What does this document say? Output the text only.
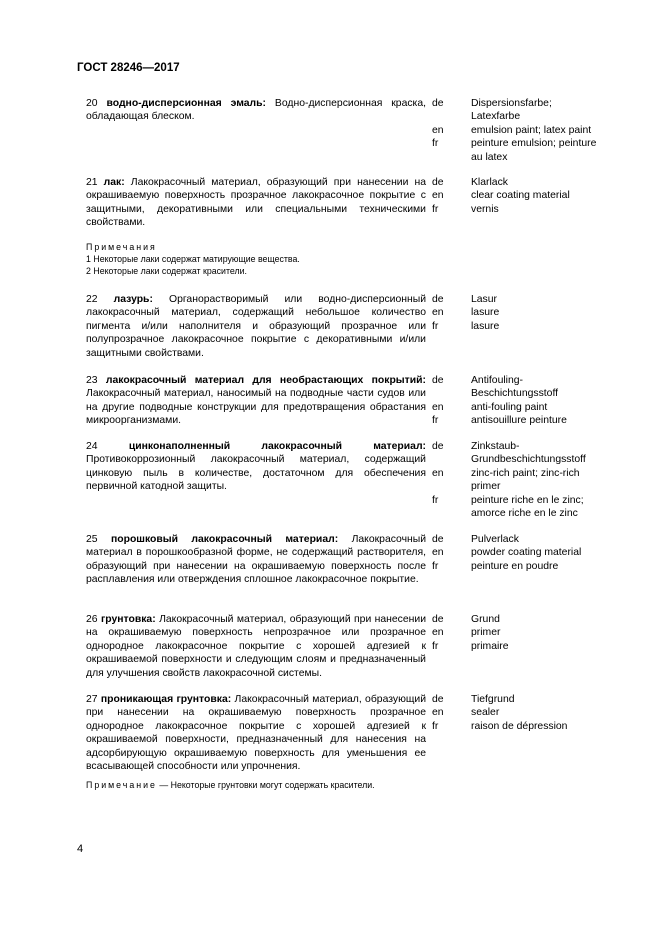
ГОСТ 28246—2017
20 водно-дисперсионная эмаль: Водно-дисперсионная краска, обладающая блеском.
de
en
fr
Dispersionsfarbe;
Latexfarbe
emulsion paint; latex paint
peinture emulsion; peinture
au latex
21 лак: Лакокрасочный материал, образующий при нанесении на окрашиваемую поверхность прозрачное лакокрасочное покрытие с защитными, декоративными или специальными техническими свойствами.
de
en
fr
Klarlack
clear coating material
vernis
Примечания
1 Некоторые лаки содержат матирующие вещества.
2 Некоторые лаки содержат красители.
22 лазурь: Органорастворимый или водно-дисперсионный лакокрасочный материал, содержащий небольшое количество пигмента и/или наполнителя и образующий прозрачное или полупрозрачное лакокрасочное покрытие с декоративными и/или защитными свойствами.
de
en
fr
Lasur
lasure
lasure
23 лакокрасочный материал для необрастающих покрытий: Лакокрасочный материал, наносимый на подводные части судов или на другие подводные конструкции для предотвращения обрастания микроорганизмами.
de
en
fr
Antifouling-
Beschichtungsstoff
anti-fouling paint
antisouillure peinture
24	цинконаполненный лакокрасочный материал: Противокоррозионный лакокрасочный материал, содержащий цинковую пыль в количестве, достаточном для обеспечения первичной катодной защиты.
de
en
fr
Zinkstaub-
Grundbeschichtungsstoff
zinc-rich paint; zinc-rich
primer
peinture riche en le zinc;
amorce riche en le zinc
25 порошковый лакокрасочный материал: Лакокрасочный материал в порошкообразной форме, не содержащий растворителя, образующий при нанесении на окрашиваемую поверхность после расплавления или отверждения сплошное лакокрасочное покрытие.
de
en
fr
Pulverlack
powder coating material
peinture en poudre
26 грунтовка: Лакокрасочный материал, образующий при нанесении на окрашиваемую поверхность непрозрачное или прозрачное однородное лакокрасочное покрытие с хорошей адгезией к окрашиваемой поверхности и следующим слоям и предназначенный для улучшения свойств лакокрасочной системы.
de
en
fr
Grund
primer
primaire
27 проникающая грунтовка: Лакокрасочный материал, образующий при нанесении на окрашиваемую поверхность прозрачное однородное лакокрасочное покрытие с хорошей адгезией к окрашиваемой поверхности, предназначенный для нанесения на адсорбирующую окрашиваемую поверхность для уменьшения ее всасывающей способности или упрочнения.
de
en
fr
Tiefgrund
sealer
raison de dépression
Примечание — Некоторые грунтовки могут содержать красители.
4
